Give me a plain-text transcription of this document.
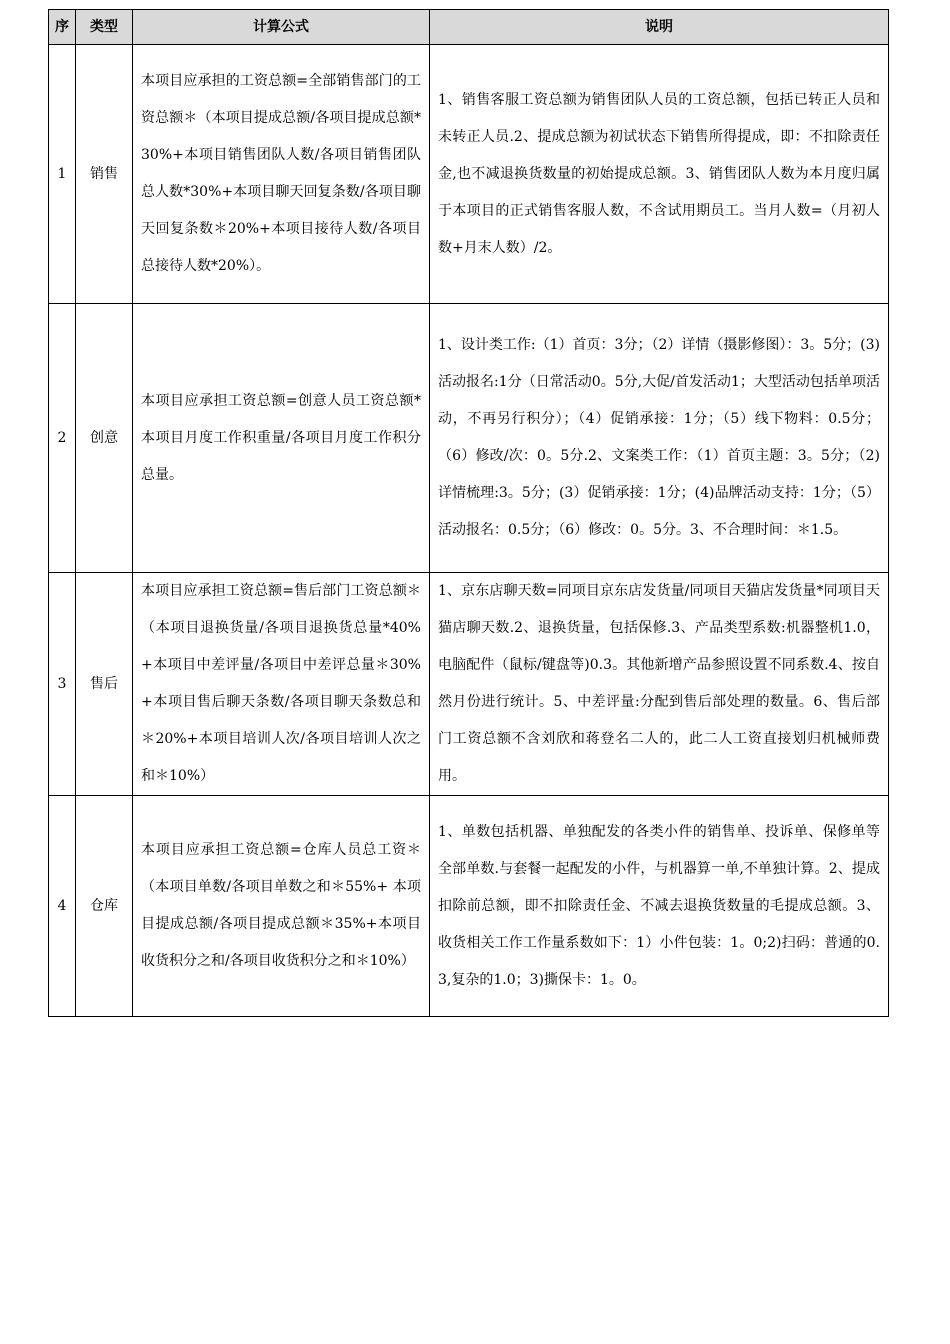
序	类型	计算公式	说明
1	销售	本项目应承担的工资总额=全部销售部门的工资总额＊（本项目提成总额/各项目提成总额*30%+本项目销售团队人数/各项目销售团队总人数*30%+本项目聊天回复条数/各项目聊天回复条数＊20%+本项目接待人数/各项目总接待人数*20%）。	1、销售客服工资总额为销售团队人员的工资总额，包括已转正人员和未转正人员.2、提成总额为初试状态下销售所得提成，即：不扣除责任金,也不减退换货数量的初始提成总额。3、销售团队人数为本月度归属于本项目的正式销售客服人数，不含试用期员工。当月人数=（月初人数+月末人数）/2。
2	创意	本项目应承担工资总额=创意人员工资总额*本项目月度工作积重量/各项目月度工作积分总量。	1、设计类工作:（1）首页：3分；（2）详情（摄影修图）：3。5分；(3)活动报名:1分（日常活动0。5分,大促/首发活动1；大型活动包括单项活动，不再另行积分）；（4）促销承接：1分；（5）线下物料：0.5分；（6）修改/次：0。5分.2、文案类工作：（1）首页主题：3。5分；（2)详情梳理:3。5分；(3）促销承接：1分；(4)品牌活动支持：1分；（5）活动报名：0.5分；（6）修改：0。5分。3、不合理时间：＊1.5。
3	售后	本项目应承担工资总额=售后部门工资总额＊（本项目退换货量/各项目退换货总量*40%+本项目中差评量/各项目中差评总量＊30%+本项目售后聊天条数/各项目聊天条数总和＊20%+本项目培训人次/各项目培训人次之和＊10%）	1、京东店聊天数=同项目京东店发货量/同项目天猫店发货量*同项目天猫店聊天数.2、退换货量，包括保修.3、产品类型系数:机器整机1.0，电脑配件（鼠标/键盘等)0.3。其他新增产品参照设置不同系数.4、按自然月份进行统计。5、中差评量:分配到售后部处理的数量。6、售后部门工资总额不含刘欣和蒋登名二人的，此二人工资直接划归机械师费用。
4	仓库	本项目应承担工资总额=仓库人员总工资＊（本项目单数/各项目单数之和＊55%+ 本项目提成总额/各项目提成总额＊35%+本项目收货积分之和/各项目收货积分之和＊10%）	1、单数包括机器、单独配发的各类小件的销售单、投诉单、保修单等全部单数.与套餐一起配发的小件，与机器算一单,不单独计算。2、提成扣除前总额，即不扣除责任金、不减去退换货数量的毛提成总额。3、收货相关工作工作量系数如下：1）小件包装：1。0;2)扫码：普通的0.3,复杂的1.0；3)撕保卡：1。0。
